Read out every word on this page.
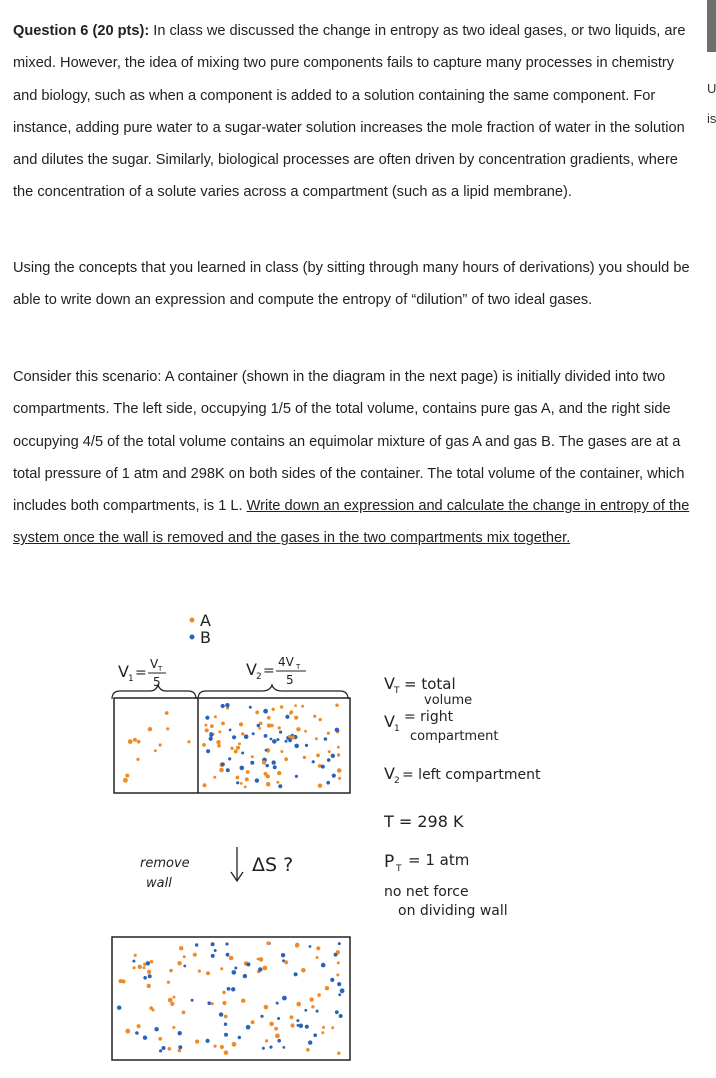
Question 6 (20 pts): In class we discussed the change in entropy as two ideal gases, or two liquids, are mixed. However, the idea of mixing two pure components fails to capture many processes in chemistry and biology, such as when a component is added to a solution containing the same component. For instance, adding pure water to a sugar-water solution increases the mole fraction of water in the solution and dilutes the sugar. Similarly, biological processes are often driven by concentration gradients, where the concentration of a solute varies across a compartment (such as a lipid membrane).
Using the concepts that you learned in class (by sitting through many hours of derivations) you should be able to write down an expression and compute the entropy of “dilution” of two ideal gases.
Consider this scenario: A container (shown in the diagram in the next page) is initially divided into two compartments. The left side, occupying 1/5 of the total volume, contains pure gas A, and the right side occupying 4/5 of the total volume contains an equimolar mixture of gas A and gas B. The gases are at a total pressure of 1 atm and 298K on both sides of the container. The total volume of the container, which includes both compartments, is 1 L. Write down an expression and calculate the change in entropy of the system once the wall is removed and the gases in the two compartments mix together.
U
is
A
B
V 1 =
V T
5
V 2 =
4V T
5
remove
wall
ΔS ?
V T = total
volume
V 1
= right
compartment
V 2 = left compartment
T = 298 K
P T = 1 atm
no net force
on dividing wall
